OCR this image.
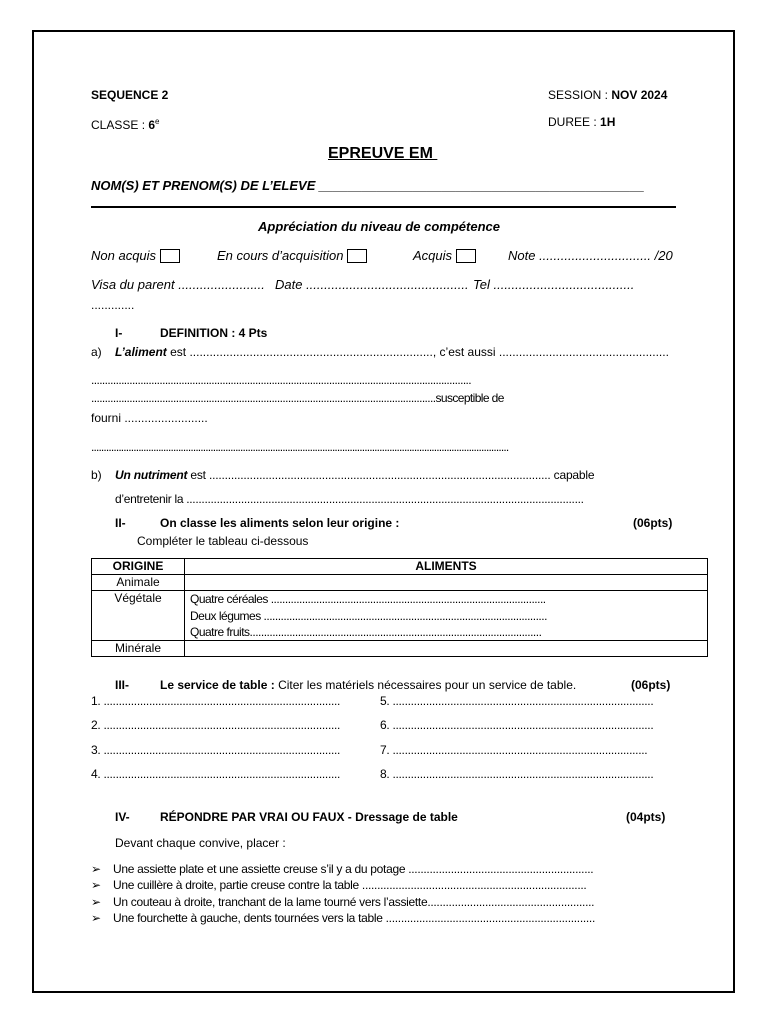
SEQUENCE 2	SESSION : NOV 2024
CLASSE : 6e	DUREE : 1H
EPREUVE EM
NOM(S) ET PRENOM(S) DE L’ELEVE _____________________________________________
Appréciation du niveau de compétence
Non acquis	En cours d’acquisition	Acquis	Note ............................... /20
Visa du parent ........................ Date ............................................. Tel .......................................
.............
I-	DEFINITION : 4 Pts
a) L’aliment est ........................................................................., c’est aussi ...................................................
...........................................................................................................................................
..............................................................................................................................susceptible de
fourni .........................
........................................................................................................................................................................
b) Un nutriment est ............................................................................................................. capable
d’entretenir la ...................................................................................................................................
II-	On classe les aliments selon leur origine :	(06pts)
Compléter le tableau ci-dessous
ORIGINE	ALIMENTS
Animale	
Végétale	Quatre céréales .................................................................................................
Deux légumes ....................................................................................................
Quatre fruits.......................................................................................................

Minérale	
III-	Le service de table : Citer les matériels nécessaires pour un service de table.	(06pts)
1. ..............................................................................
2. ..............................................................................
3. ..............................................................................
4. ..............................................................................
5. ......................................................................................
6. ......................................................................................
7. ....................................................................................
8. ......................................................................................
IV-	RÉPONDRE PAR VRAI OU FAUX - Dressage de table	(04pts)
Devant chaque convive, placer :
➢ Une assiette plate et une assiette creuse s’il y a du potage .............................................................
➢ Une cuillère à droite, partie creuse contre la table ..........................................................................
➢ Un couteau à droite, tranchant de la lame tourné vers l’assiette.......................................................
➢ Une fourchette à gauche, dents tournées vers la table .....................................................................
